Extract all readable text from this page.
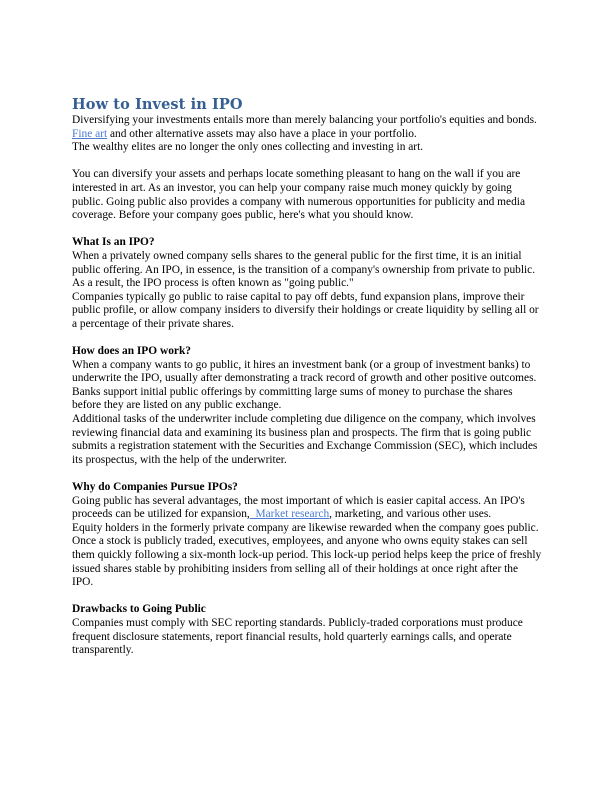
How to Invest in IPO

Diversifying your investments entails more than merely balancing your portfolio's equities and bonds. Fine art and other alternative assets may also have a place in your portfolio.

The wealthy elites are no longer the only ones collecting and investing in art.

You can diversify your assets and perhaps locate something pleasant to hang on the wall if you are interested in art. As an investor, you can help your company raise much money quickly by going public. Going public also provides a company with numerous opportunities for publicity and media coverage. Before your company goes public, here's what you should know.

What Is an IPO?

When a privately owned company sells shares to the general public for the first time, it is an initial public offering. An IPO, in essence, is the transition of a company's ownership from private to public. As a result, the IPO process is often known as "going public."

Companies typically go public to raise capital to pay off debts, fund expansion plans, improve their public profile, or allow company insiders to diversify their holdings or create liquidity by selling all or a percentage of their private shares.

How does an IPO work?

When a company wants to go public, it hires an investment bank (or a group of investment banks) to underwrite the IPO, usually after demonstrating a track record of growth and other positive outcomes. Banks support initial public offerings by committing large sums of money to purchase the shares before they are listed on any public exchange.

Additional tasks of the underwriter include completing due diligence on the company, which involves reviewing financial data and examining its business plan and prospects. The firm that is going public submits a registration statement with the Securities and Exchange Commission (SEC), which includes its prospectus, with the help of the underwriter.

Why do Companies Pursue IPOs?

Going public has several advantages, the most important of which is easier capital access. An IPO's proceeds can be utilized for expansion,  Market research, marketing, and various other uses.

Equity holders in the formerly private company are likewise rewarded when the company goes public. Once a stock is publicly traded, executives, employees, and anyone who owns equity stakes can sell them quickly following a six-month lock-up period. This lock-up period helps keep the price of freshly issued shares stable by prohibiting insiders from selling all of their holdings at once right after the IPO.

Drawbacks to Going Public

Companies must comply with SEC reporting standards. Publicly-traded corporations must produce frequent disclosure statements, report financial results, hold quarterly earnings calls, and operate transparently.
